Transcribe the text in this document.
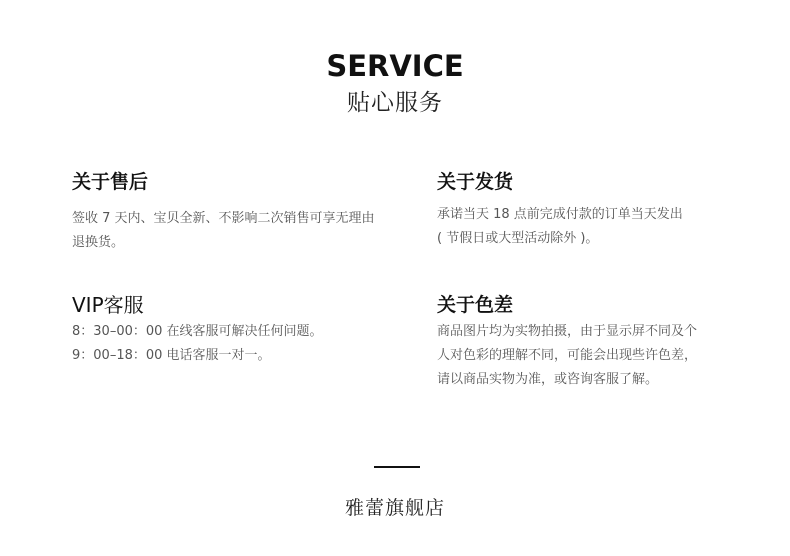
SERVICE
贴心服务
关于售后

签收 7 天内、宝贝全新、不影响二次销售可享无理由
退换货。

关于发货

承诺当天 18 点前完成付款的订单当天发出
( 节假日或大型活动除外 )。

VIP客服

8：30–00：00 在线客服可解决任何问题。
9：00–18：00 电话客服一对一。

关于色差

商品图片均为实物拍摄，由于显示屏不同及个
人对色彩的理解不同，可能会出现些许色差，
请以商品实物为准，或咨询客服了解。

雅蕾旗舰店
